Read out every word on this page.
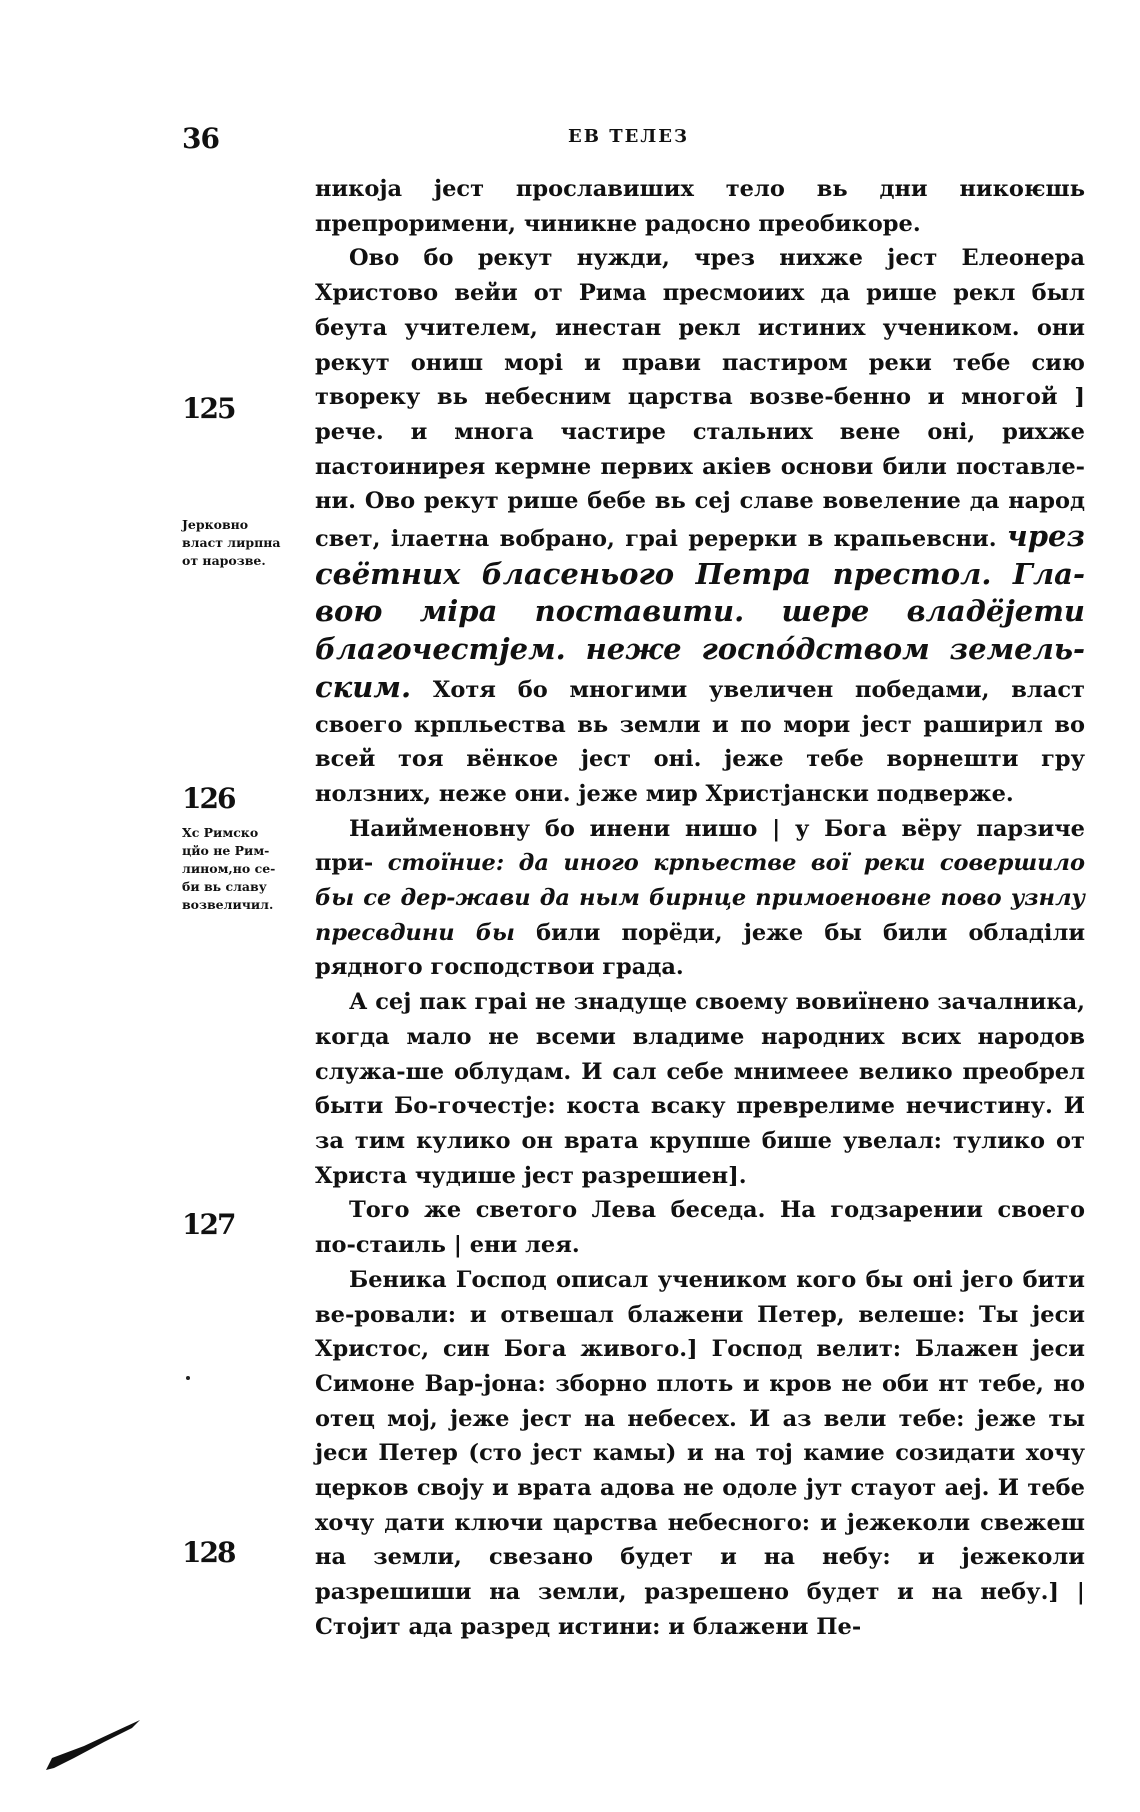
36	ЕВ ТЕЛЕЗ
125
126
127
128
Јерковно
власт лирпна
от нарозве.
Хс Римско
цйо не Рим-
лином,но се-
би вь славу
возвеличил.

никоја јест прославиших тело вь дни никоѥшь препроримени, чиникне радосно преобикоре.

Ово бо рекут нужди, чрез нихже јест Елеонера Христово вейи от Рима пресмоиих да рише рекл был беута учителем, инестан рекл истиних учеником. они рекут ониш морі и прави пастиром реки тебе сию твореку вь небесним царства возве-бенно и многой ] рече. и многа частире стальних вене оні, рихже пастоинирея кермне первих акіев основи били поставле-ни. Ово рекут рише бебе вь сеј славе вовеление да народ свет, ілаетна вобрано, граі ререрки в крапьевсни. чрез свётних бласенього Петра престол. Гла-вою міра поставити. шере владёјети благочестјем. неже госпо́дством земель-ским. Хотя бо многими увеличен победами, власт своего крпльества вь земли и по мори јест раширил во всей тоя вёнкое јест оні. јеже тебе ворнешти гру нолзних, неже они. јеже мир Христјански подверже.

Наийменовну бо инени нишо | у Бога вёру парзиче при- стоїние: да иного крпьестве вої реки совершило бы се дер-жави да ным бирнце примоеновне пово узнлу пресвдини бы били порёди, јеже бы били обладіли рядного господствои града.

А сеј пак граі не знадуще своему вовиїнено зачалника, когда мало не всеми владиме народних всих народов служа-ше облудам. И сал себе мнимеее велико преобрел быти Бо-гочестје: коста всаку преврелиме нечистину. И за тим кулико он врата крупше бише увелал: тулико от Христа чудише јест разрешиен].

Того же светого Лева беседа. На годзарении своего по-стаиль | ени лея.

Беника Господ описал учеником кого бы оні јего бити ве-ровали: и отвешал блажени Петер, велеше: Ты јеси Христос, син Бога живого.] Господ велит: Блажен јеси Симоне Вар-јона: зборно плоть и кров не оби нт тебе, но отец мој, јеже јест на небесех. И аз вели тебе: јеже ты јеси Петер (сто јест камы) и на тој камие созидати хочу церков своју и врата адова не одоле јут стауот аеј. И тебе хочу дати ключи царства небесного: и јежеколи свежеш на земли, свезано будет и на небу: и јежеколи разрешиши на земли, разрешено будет и на небу.] | Стојит ада разред истини: и блажени Пе-
